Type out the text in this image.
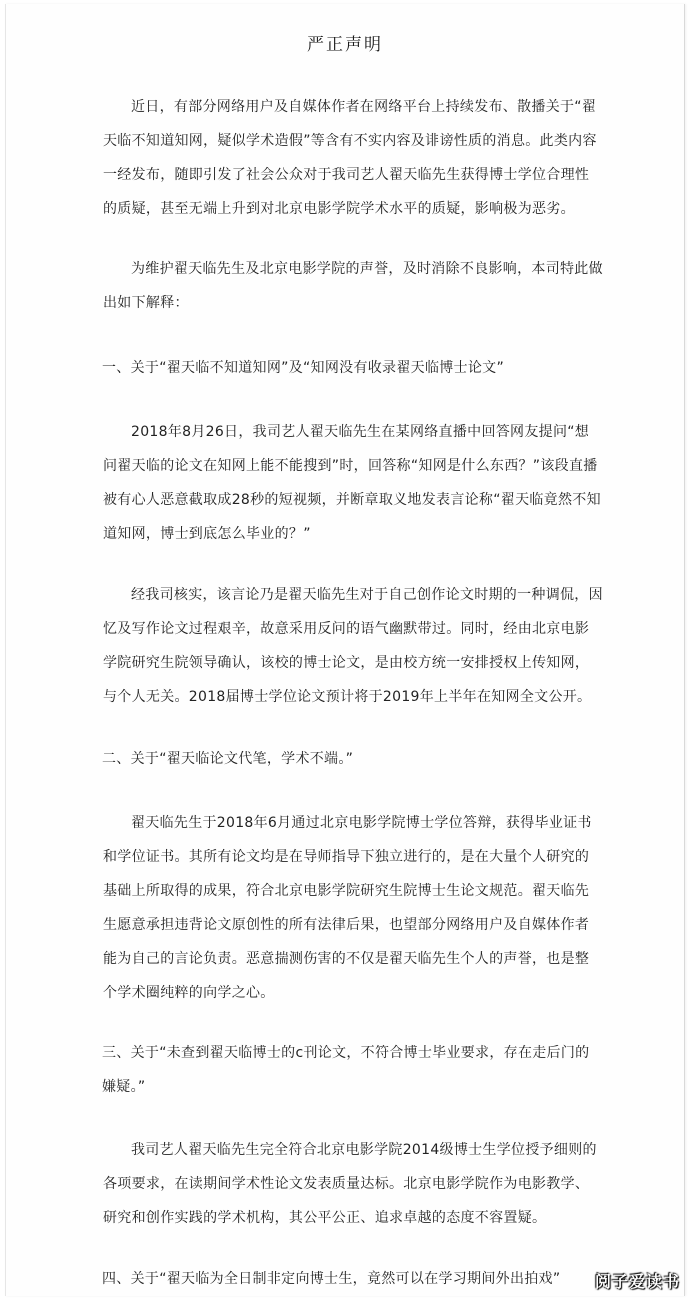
严正声明

近日，有部分网络用户及自媒体作者在网络平台上持续发布、散播关于“翟天临不知道知网，疑似学术造假”等含有不实内容及诽谤性质的消息。此类内容一经发布，随即引发了社会公众对于我司艺人翟天临先生获得博士学位合理性的质疑，甚至无端上升到对北京电影学院学术水平的质疑，影响极为恶劣。

为维护翟天临先生及北京电影学院的声誉，及时消除不良影响，本司特此做出如下解释：

一、关于“翟天临不知道知网”及“知网没有收录翟天临博士论文”

2018年8月26日，我司艺人翟天临先生在某网络直播中回答网友提问“想问翟天临的论文在知网上能不能搜到”时，回答称“知网是什么东西？”该段直播被有心人恶意截取成28秒的短视频，并断章取义地发表言论称“翟天临竟然不知道知网，博士到底怎么毕业的？”

经我司核实，该言论乃是翟天临先生对于自己创作论文时期的一种调侃，因忆及写作论文过程艰辛，故意采用反问的语气幽默带过。同时，经由北京电影学院研究生院领导确认，该校的博士论文，是由校方统一安排授权上传知网，与个人无关。2018届博士学位论文预计将于2019年上半年在知网全文公开。

二、关于“翟天临论文代笔，学术不端。”

翟天临先生于2018年6月通过北京电影学院博士学位答辩，获得毕业证书和学位证书。其所有论文均是在导师指导下独立进行的，是在大量个人研究的基础上所取得的成果，符合北京电影学院研究生院博士生论文规范。翟天临先生愿意承担违背论文原创性的所有法律后果，也望部分网络用户及自媒体作者能为自己的言论负责。恶意揣测伤害的不仅是翟天临先生个人的声誉，也是整个学术圈纯粹的向学之心。

三、关于“未查到翟天临博士的c刊论文，不符合博士毕业要求，存在走后门的嫌疑。”

我司艺人翟天临先生完全符合北京电影学院2014级博士生学位授予细则的各项要求，在读期间学术性论文发表质量达标。北京电影学院作为电影教学、研究和创作实践的学术机构，其公平公正、追求卓越的态度不容置疑。

四、关于“翟天临为全日制非定向博士生，竟然可以在学习期间外出拍戏”	阅子爱读书
